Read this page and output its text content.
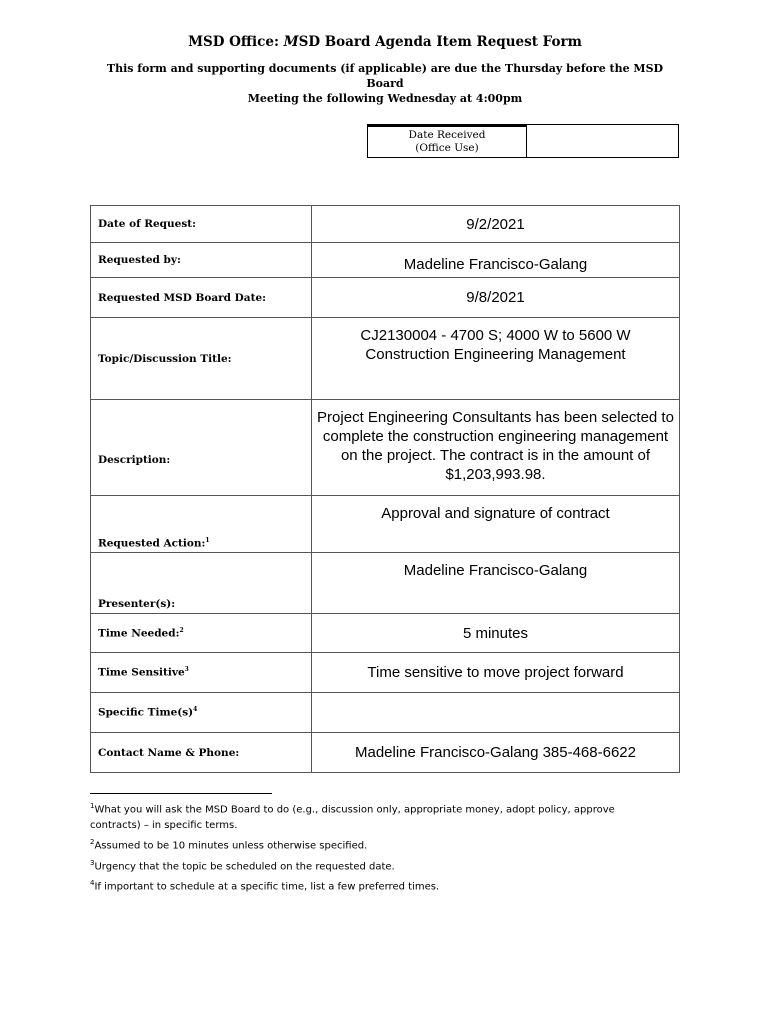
MSD Office: MSD Board Agenda Item Request Form
This form and supporting documents (if applicable) are due the Thursday before the MSD Board
Meeting the following Wednesday at 4:00pm
Date Received
(Office Use)
Date of Request:	9/2/2021
Requested by:	Madeline Francisco-Galang
Requested MSD Board Date:	9/8/2021
Topic/Discussion Title:	CJ2130004 - 4700 S; 4000 W to 5600 W
Construction Engineering Management

Description:	Project Engineering Consultants has been selected to
complete the construction engineering management
on the project. The contract is in the amount of
$1,203,993.98.

Requested Action:$^1$	Approval and signature of contract
Presenter(s):	Madeline Francisco-Galang
Time Needed:$^2$	5 minutes
Time Sensitive$^3$	Time sensitive to move project forward
Specific $Time(s)^4$	
Contact Name & Phone:	Madeline Francisco-Galang 385-468-6622
$^1$What you will ask the MSD Board to do (e.g., discussion only, appropriate money, adopt policy, approve
contracts) – in specific terms.
$^2$Assumed to be 10 minutes unless otherwise specified.
$^3$Urgency that the topic be scheduled on the requested date.
$^4$If important to schedule at a specific time, list a few preferred times.
